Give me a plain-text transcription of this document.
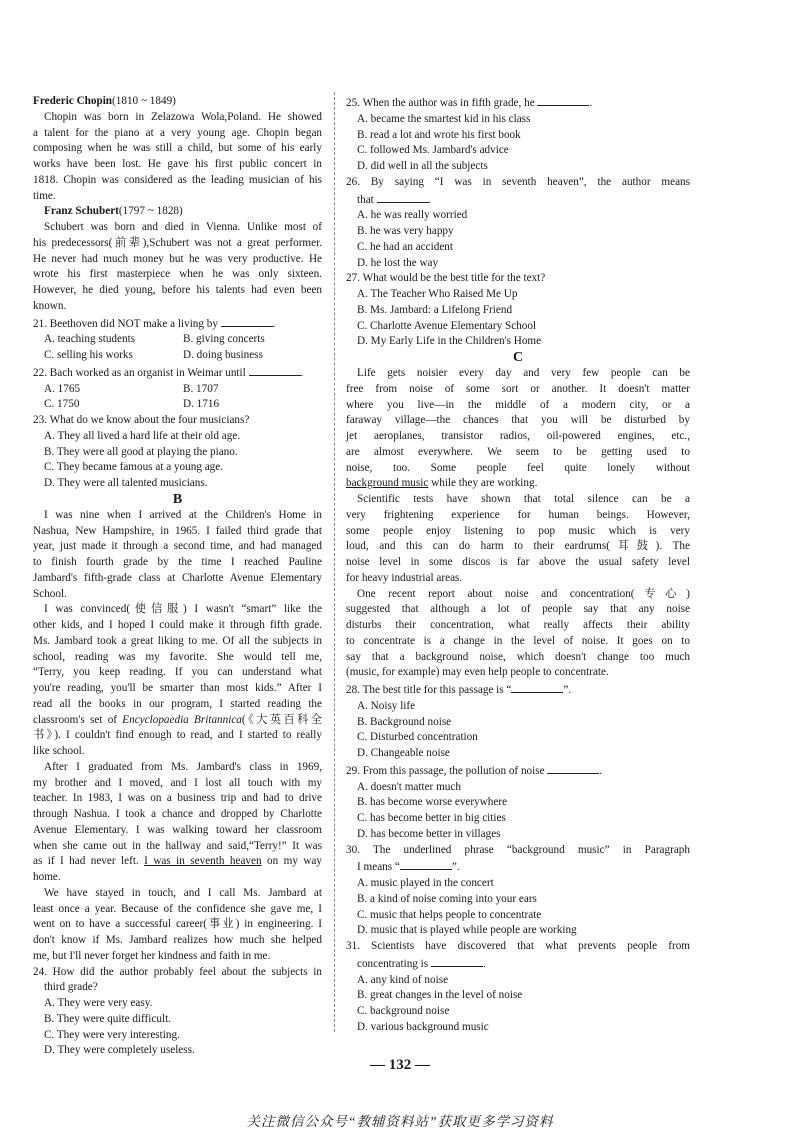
Frederic Chopin(1810 ~ 1849)
Chopin was born in Zelazowa Wola,Poland. He showed
a talent for the piano at a very young age. Chopin began
composing when he was still a child, but some of his early
works have been lost. He gave his first public concert in
1818. Chopin was considered as the leading musician of his
time.
Franz Schubert(1797 ~ 1828)
Schubert was born and died in Vienna. Unlike most of
his predecessors(前辈),Schubert was not a great performer.
He never had much money but he was very productive. He
wrote his first masterpiece when he was only sixteen.
However, he died young, before his talents had even been
known.
21. Beethoven did NOT make a living by	.
A. teaching students	B. giving concerts
C. selling his works	D. doing business
22. Bach worked as an organist in Weimar until	.
A. 1765	B. 1707
C. 1750	D. 1716
23. What do we know about the four musicians?
A. They all lived a hard life at their old age.
B. They were all good at playing the piano.
C. They became famous at a young age.
D. They were all talented musicians.
B
I was nine when I arrived at the Children's Home in
Nashua, New Hampshire, in 1965. I failed third grade that
year, just made it through a second time, and had managed
to finish fourth grade by the time I reached Pauline
Jambard's fifth-grade class at Charlotte Avenue Elementary
School.
I was convinced(使信服) I wasn't “smart” like the
other kids, and I hoped I could make it through fifth grade.
Ms. Jambard took a great liking to me. Of all the subjects in
school, reading was my favorite. She would tell me,
“Terry, you keep reading. If you can understand what
you're reading, you'll be smarter than most kids.” After I
read all the books in our program, I started reading the
classroom's set of Encyclopaedia Britannica(《大英百科全
书》). I couldn't find enough to read, and I started to really
like school.
After I graduated from Ms. Jambard's class in 1969,
my brother and I moved, and I lost all touch with my
teacher. In 1983, I was on a business trip and had to drive
through Nashua. I took a chance and dropped by Charlotte
Avenue Elementary. I was walking toward her classroom
when she came out in the hallway and said,“Terry!” It was
as if I had never left. I was in seventh heaven on my way
home.
We have stayed in touch, and I call Ms. Jambard at
least once a year. Because of the confidence she gave me, I
went on to have a successful career(事业) in engineering. I
don't know if Ms. Jambard realizes how much she helped
me, but I'll never forget her kindness and faith in me.
24. How did the author probably feel about the subjects in
third grade?
A. They were very easy.
B. They were quite difficult.
C. They were very interesting.
D. They were completely useless.
25. When the author was in fifth grade, he	.
A. became the smartest kid in his class
B. read a lot and wrote his first book
C. followed Ms. Jambard's advice
D. did well in all the subjects
26. By saying “I was in seventh heaven”, the author means
that	.
A. he was really worried
B. he was very happy
C. he had an accident
D. he lost the way
27. What would be the best title for the text?
A. The Teacher Who Raised Me Up
B. Ms. Jambard: a Lifelong Friend
C. Charlotte Avenue Elementary School
D. My Early Life in the Children's Home
C
Life gets noisier every day and very few people can be
free from noise of some sort or another. It doesn't matter
where you live—in the middle of a modern city, or a
faraway village—the chances that you will be disturbed by
jet aeroplanes, transistor radios, oil-powered engines, etc.,
are almost everywhere. We seem to be getting used to
noise, too. Some people feel quite lonely without
background music while they are working.
Scientific tests have shown that total silence can be a
very frightening experience for human beings. However,
some people enjoy listening to pop music which is very
loud, and this can do harm to their eardrums(耳鼓). The
noise level in some discos is far above the usual safety level
for heavy industrial areas.
One recent report about noise and concentration(专心)
suggested that although a lot of people say that any noise
disturbs their concentration, what really affects their ability
to concentrate is a change in the level of noise. It goes on to
say that a background noise, which doesn't change too much
(music, for example) may even help people to concentrate.
28. The best title for this passage is “	”.
A. Noisy life
B. Background noise
C. Disturbed concentration
D. Changeable noise
29. From this passage, the pollution of noise	.
A. doesn't matter much
B. has become worse everywhere
C. has become better in big cities
D. has become better in villages
30. The underlined phrase “background music” in Paragraph
I means “	”.
A. music played in the concert
B. a kind of noise coming into your ears
C. music that helps people to concentrate
D. music that is played while people are working
31. Scientists have discovered that what prevents people from
concentrating is	.
A. any kind of noise
B. great changes in the level of noise
C. background noise
D. various background music
— 132 —
关注微信公众号“教辅资料站”获取更多学习资料
